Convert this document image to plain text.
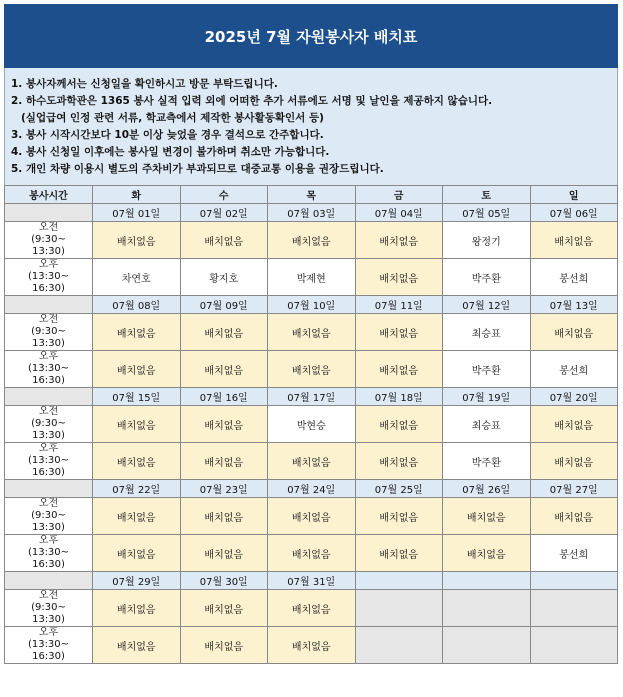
2025년 7월 자원봉사자 배치표
1. 봉사자께서는 신청일을 확인하시고 방문 부탁드립니다.
2. 하수도과학관은 1365 봉사 실적 입력 외에 어떠한 추가 서류에도 서명 및 날인을 제공하지 않습니다.
(실업급여 인정 관련 서류, 학교측에서 제작한 봉사활동확인서 등)
3. 봉사 시작시간보다 10분 이상 늦었을 경우 결석으로 간주합니다.
4. 봉사 신청일 이후에는 봉사일 변경이 불가하며 취소만 가능합니다.
5. 개인 차량 이용시 별도의 주차비가 부과되므로 대중교통 이용을 권장드립니다.
봉사시간	화	수	목	금	토	일
	07월 01일	07월 02일	07월 03일	07월 04일	07월 05일	07월 06일

오전
(9:30~
13:30)	배치없음	배치없음	배치없음	배치없음	왕정기	배치없음

오후
(13:30~
16:30)	차연호	황지호	박제현	배치없음	박주환	봉선희
	07월 08일	07월 09일	07월 10일	07월 11일	07월 12일	07월 13일

오전
(9:30~
13:30)	배치없음	배치없음	배치없음	배치없음	최승표	배치없음

오후
(13:30~
16:30)	배치없음	배치없음	배치없음	배치없음	박주환	봉선희
	07월 15일	07월 16일	07월 17일	07월 18일	07월 19일	07월 20일

오전
(9:30~
13:30)	배치없음	배치없음	박현승	배치없음	최승표	배치없음

오후
(13:30~
16:30)	배치없음	배치없음	배치없음	배치없음	박주환	배치없음
	07월 22일	07월 23일	07월 24일	07월 25일	07월 26일	07월 27일

오전
(9:30~
13:30)	배치없음	배치없음	배치없음	배치없음	배치없음	배치없음

오후
(13:30~
16:30)	배치없음	배치없음	배치없음	배치없음	배치없음	봉선희
	07월 29일	07월 30일	07월 31일			

오전
(9:30~
13:30)	배치없음	배치없음	배치없음			

오후
(13:30~
16:30)	배치없음	배치없음	배치없음			
